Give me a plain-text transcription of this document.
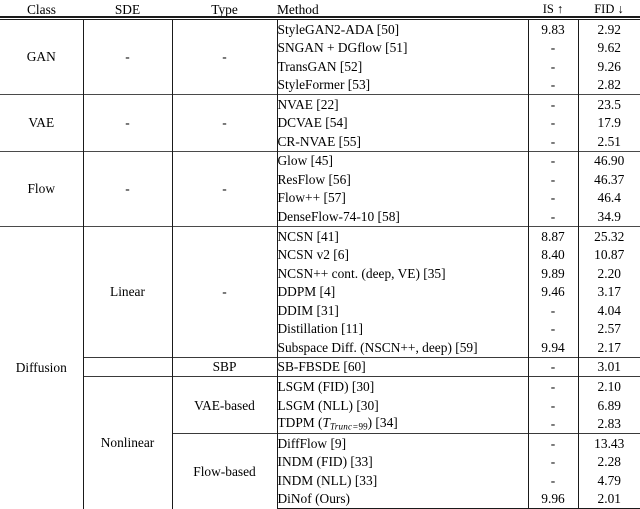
Class	SDE	Type	Method	IS ↑	FID ↓
GAN	-	-	StyleGAN2-ADA [50]	9.83	2.92
			SNGAN + DGflow [51]	-	9.62
			TransGAN [52]	-	9.26
			StyleFormer [53]	-	2.82
VAE	-	-	NVAE [22]	-	23.5
			DCVAE [54]	-	17.9
			CR-NVAE [55]	-	2.51
Flow	-	-	Glow [45]	-	46.90
			ResFlow [56]	-	46.37
			Flow++ [57]	-	46.4
			DenseFlow-74-10 [58]	-	34.9
Diffusion	Linear	-	NCSN [41]	8.87	25.32
			NCSN v2 [6]	8.40	10.87
			NCSN++ cont. (deep, VE) [35]	9.89	2.20
			DDPM [4]	9.46	3.17
			DDIM [31]	-	4.04
			Distillation [11]	-	2.57
			Subspace Diff. (NSCN++, deep) [59]	9.94	2.17
		SBP	SB-FBSDE [60]	-	3.01
	Nonlinear	VAE-based	LSGM (FID) [30]	-	2.10
			LSGM (NLL) [30]	-	6.89
			TDPM (TTrunc=99) [34]	-	2.83
		Flow-based	DiffFlow [9]	-	13.43
			INDM (FID) [33]	-	2.28
			INDM (NLL) [33]	-	4.79
			DiNof (Ours)	9.96	2.01
